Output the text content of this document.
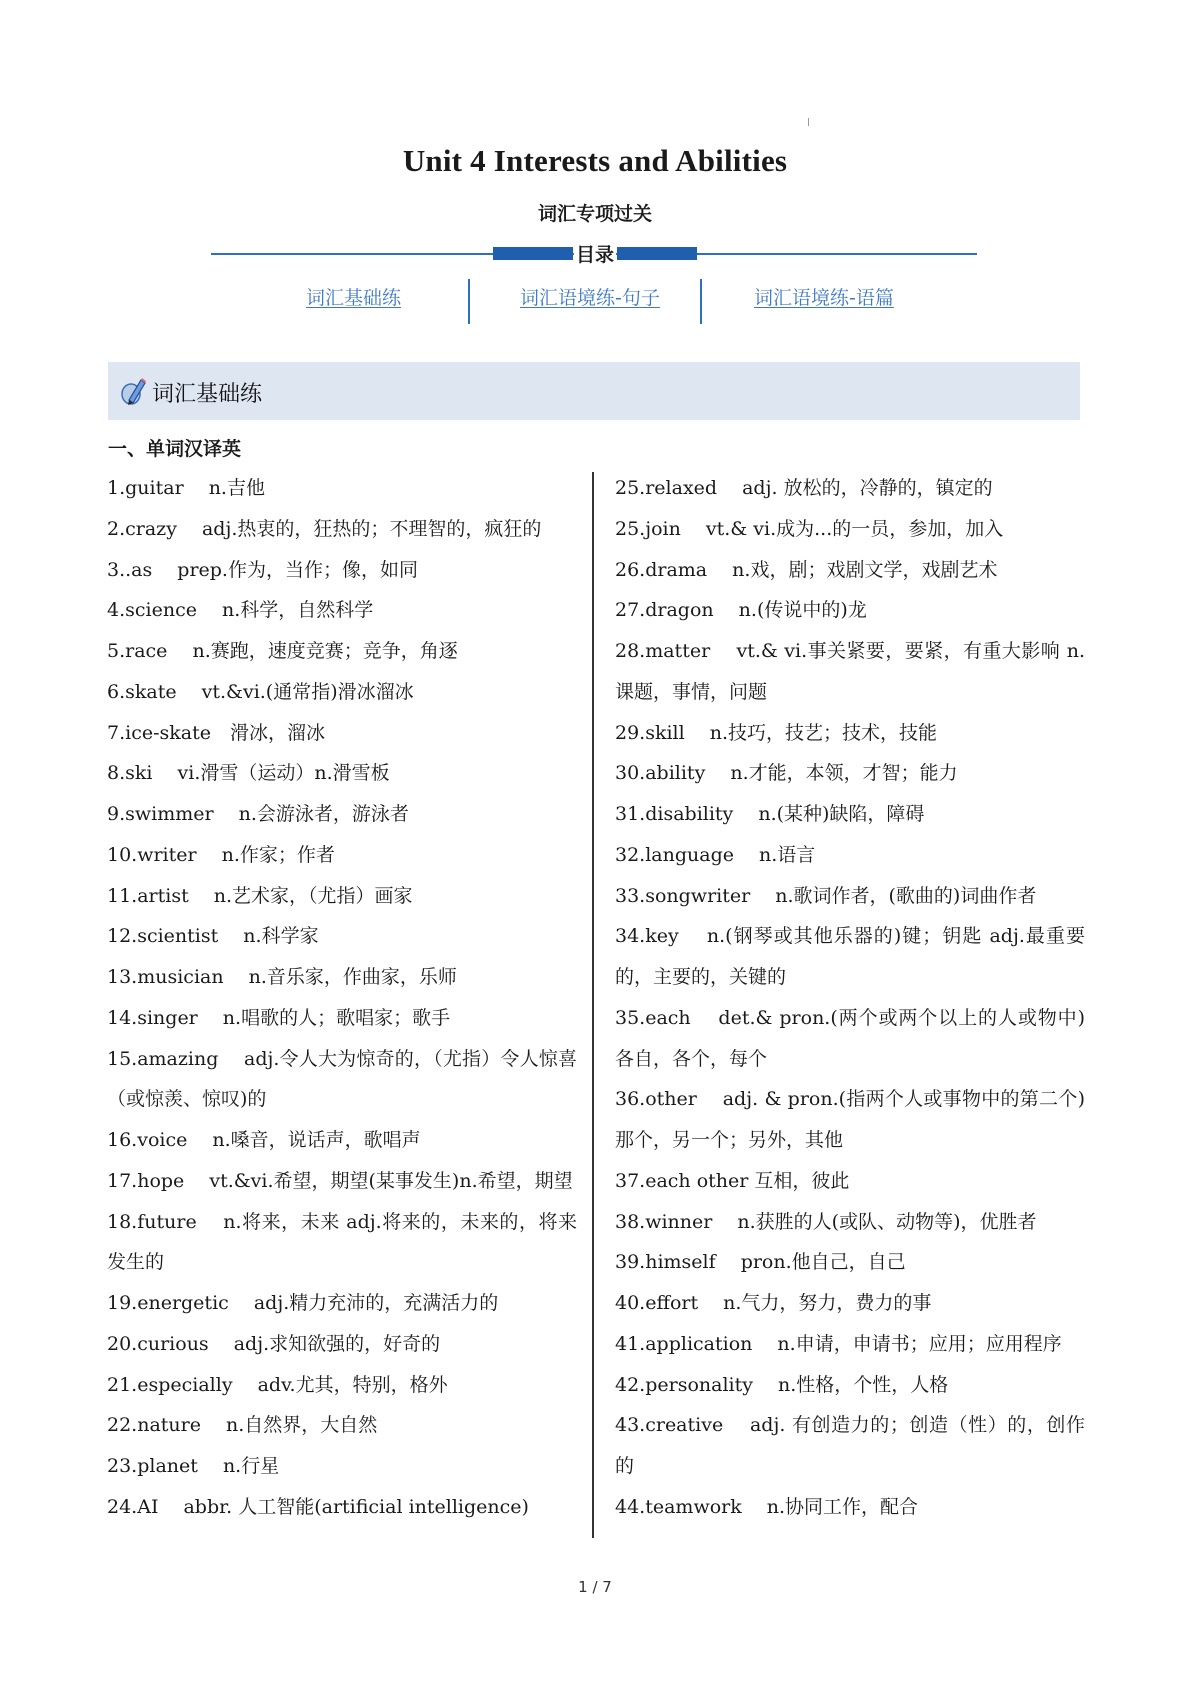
Unit 4 Interests and Abilities
词汇专项过关
目录
词汇基础练	词汇语境练-句子	词汇语境练-语篇
词汇基础练
一、单词汉译英

1.guitar　 n.吉他

2.crazy　 adj.热衷的，狂热的；不理智的，疯狂的

3..as　 prep.作为，当作；像，如同

4.science　 n.科学，自然科学

5.race　 n.赛跑，速度竞赛；竞争，角逐

6.skate　 vt.&vi.(通常指)滑冰溜冰

7.ice-skate　滑冰，溜冰

8.ski　 vi.滑雪（运动）n.滑雪板

9.swimmer　 n.会游泳者，游泳者

10.writer　 n.作家；作者

11.artist　 n.艺术家，（尤指）画家

12.scientist　 n.科学家

13.musician　 n.音乐家，作曲家，乐师

14.singer　 n.唱歌的人；歌唱家；歌手

15.amazing　 adj.令人大为惊奇的，（尤指）令人惊喜（或惊羡、惊叹)的

16.voice　 n.嗓音，说话声，歌唱声

17.hope　 vt.&vi.希望，期望(某事发生)n.希望，期望

18.future　 n.将来，未来 adj.将来的，未来的，将来发生的

19.energetic　 adj.精力充沛的，充满活力的

20.curious　 adj.求知欲强的，好奇的

21.especially　 adv.尤其，特别，格外

22.nature　 n.自然界，大自然

23.planet　 n.行星

24.AI　 abbr. 人工智能(artificial intelligence)

25.relaxed　 adj. 放松的，冷静的，镇定的

25.join　 vt.& vi.成为...的一员，参加，加入

26.drama　 n.戏，剧；戏剧文学，戏剧艺术

27.dragon　 n.(传说中的)龙

28.matter　 vt.& vi.事关紧要，要紧，有重大影响 n.课题，事情，问题

29.skill　 n.技巧，技艺；技术，技能

30.ability　 n.才能，本领，才智；能力

31.disability　 n.(某种)缺陷，障碍

32.language　 n.语言

33.songwriter　 n.歌词作者，(歌曲的)词曲作者

34.key　 n.(钢琴或其他乐器的)键；钥匙 adj.最重要的，主要的，关键的

35.each　 det.& pron.(两个或两个以上的人或物中)各自，各个，每个

36.other　 adj. & pron.(指两个人或事物中的第二个)那个，另一个；另外，其他

37.each other 互相，彼此

38.winner　 n.获胜的人(或队、动物等)，优胜者

39.himself　 pron.他自己，自己

40.effort　 n.气力，努力，费力的事

41.application　 n.申请，申请书；应用；应用程序

42.personality　 n.性格，个性，人格

43.creative　 adj. 有创造力的；创造（性）的，创作的

44.teamwork　 n.协同工作，配合

1 / 7
